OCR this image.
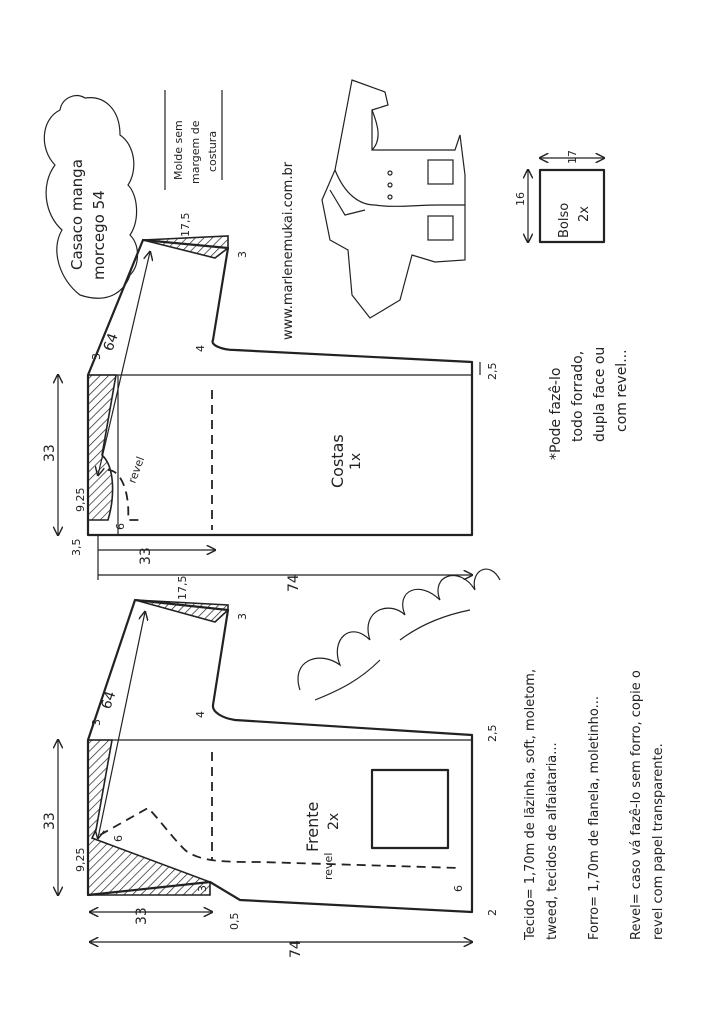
Casaco manga morcego 54
Molde sem margem de costura
www.marlenemukai.com.br
17
16
Bolso 2x
Costas 1x
revel
33
9,25
6
3
64
17,5
3
4
2,5
3,5	33
74
Frente 2x
revel
33
9,25
6
3
64
17,5
3
4
2,5
2
3	6
0,5
33
74
Tecido= 1,70m de lãzinha, soft, moletom, tweed, tecidos de alfaiataria... Forro= 1,70m de flanela, moletinho... Revel= caso vá fazê-lo sem forro, copie o revel com papel transparente.
*Pode fazê-lo todo forrado, dupla face ou com revel...
